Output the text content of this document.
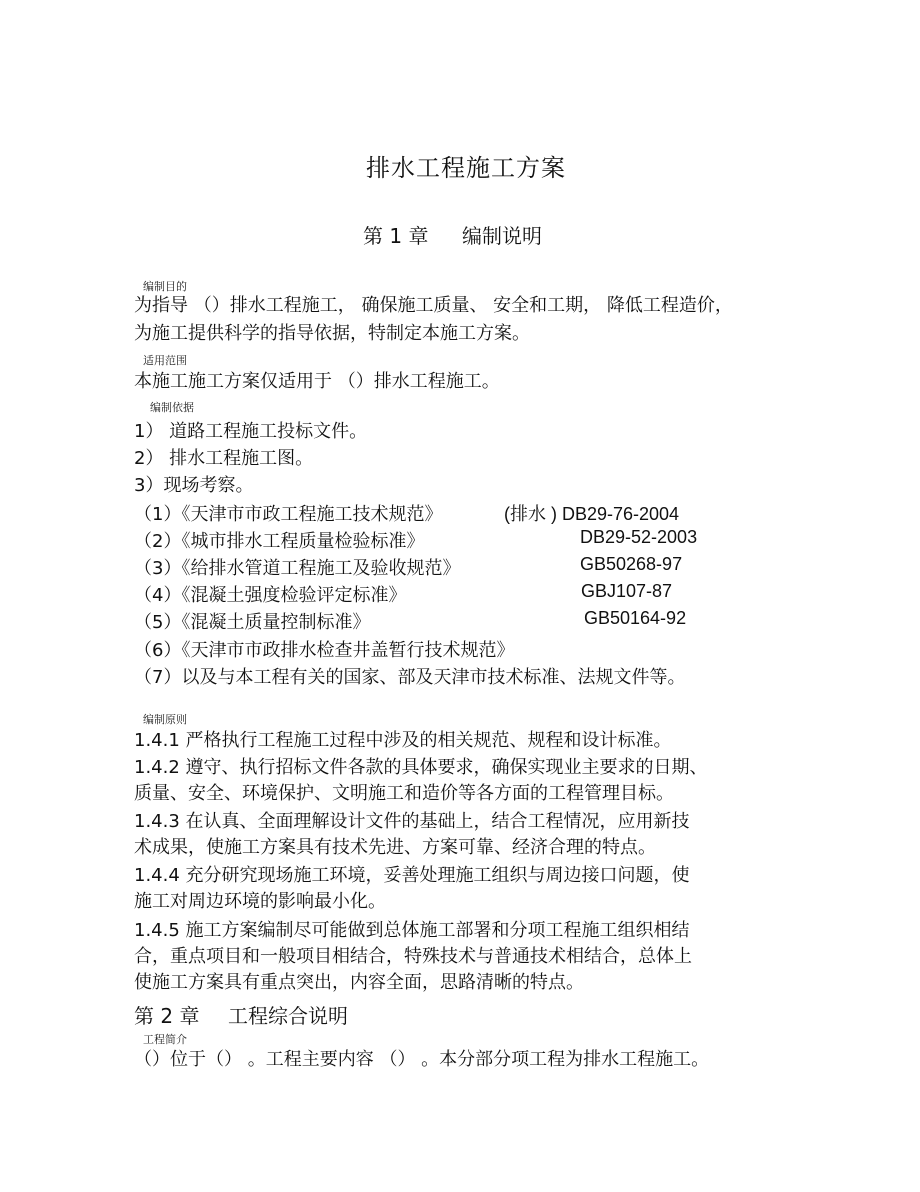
排水工程施工方案
第 1 章 编制说明
编制目的
为指导 （）排水工程施工， 确保施工质量、 安全和工期， 降低工程造价，
为施工提供科学的指导依据，特制定本施工方案。
适用范围
本施工施工方案仅适用于 （）排水工程施工。
编制依据
1） 道路工程施工投标文件。
2） 排水工程施工图。
3）现场考察。
（1）《天津市市政工程施工技术规范》	(排水 ) DB29-76-2004
（2）《城市排水工程质量检验标准》	DB29-52-2003
（3）《给排水管道工程施工及验收规范》	GB50268-97
（4）《混凝土强度检验评定标准》	GBJ107-87
（5）《混凝土质量控制标准》	GB50164-92
（6）《天津市市政排水检查井盖暂行技术规范》
（7）以及与本工程有关的国家、部及天津市技术标准、法规文件等。
编制原则
1.4.1 严格执行工程施工过程中涉及的相关规范、规程和设计标准。
1.4.2 遵守、执行招标文件各款的具体要求，确保实现业主要求的日期、
质量、安全、环境保护、文明施工和造价等各方面的工程管理目标。
1.4.3 在认真、全面理解设计文件的基础上，结合工程情况，应用新技
术成果，使施工方案具有技术先进、方案可靠、经济合理的特点。
1.4.4 充分研究现场施工环境，妥善处理施工组织与周边接口问题，使
施工对周边环境的影响最小化。
1.4.5 施工方案编制尽可能做到总体施工部署和分项工程施工组织相结
合，重点项目和一般项目相结合，特殊技术与普通技术相结合，总体上
使施工方案具有重点突出，内容全面，思路清晰的特点。
第 2 章 工程综合说明
工程简介
（）位于（） 。工程主要内容 （） 。本分部分项工程为排水工程施工。
